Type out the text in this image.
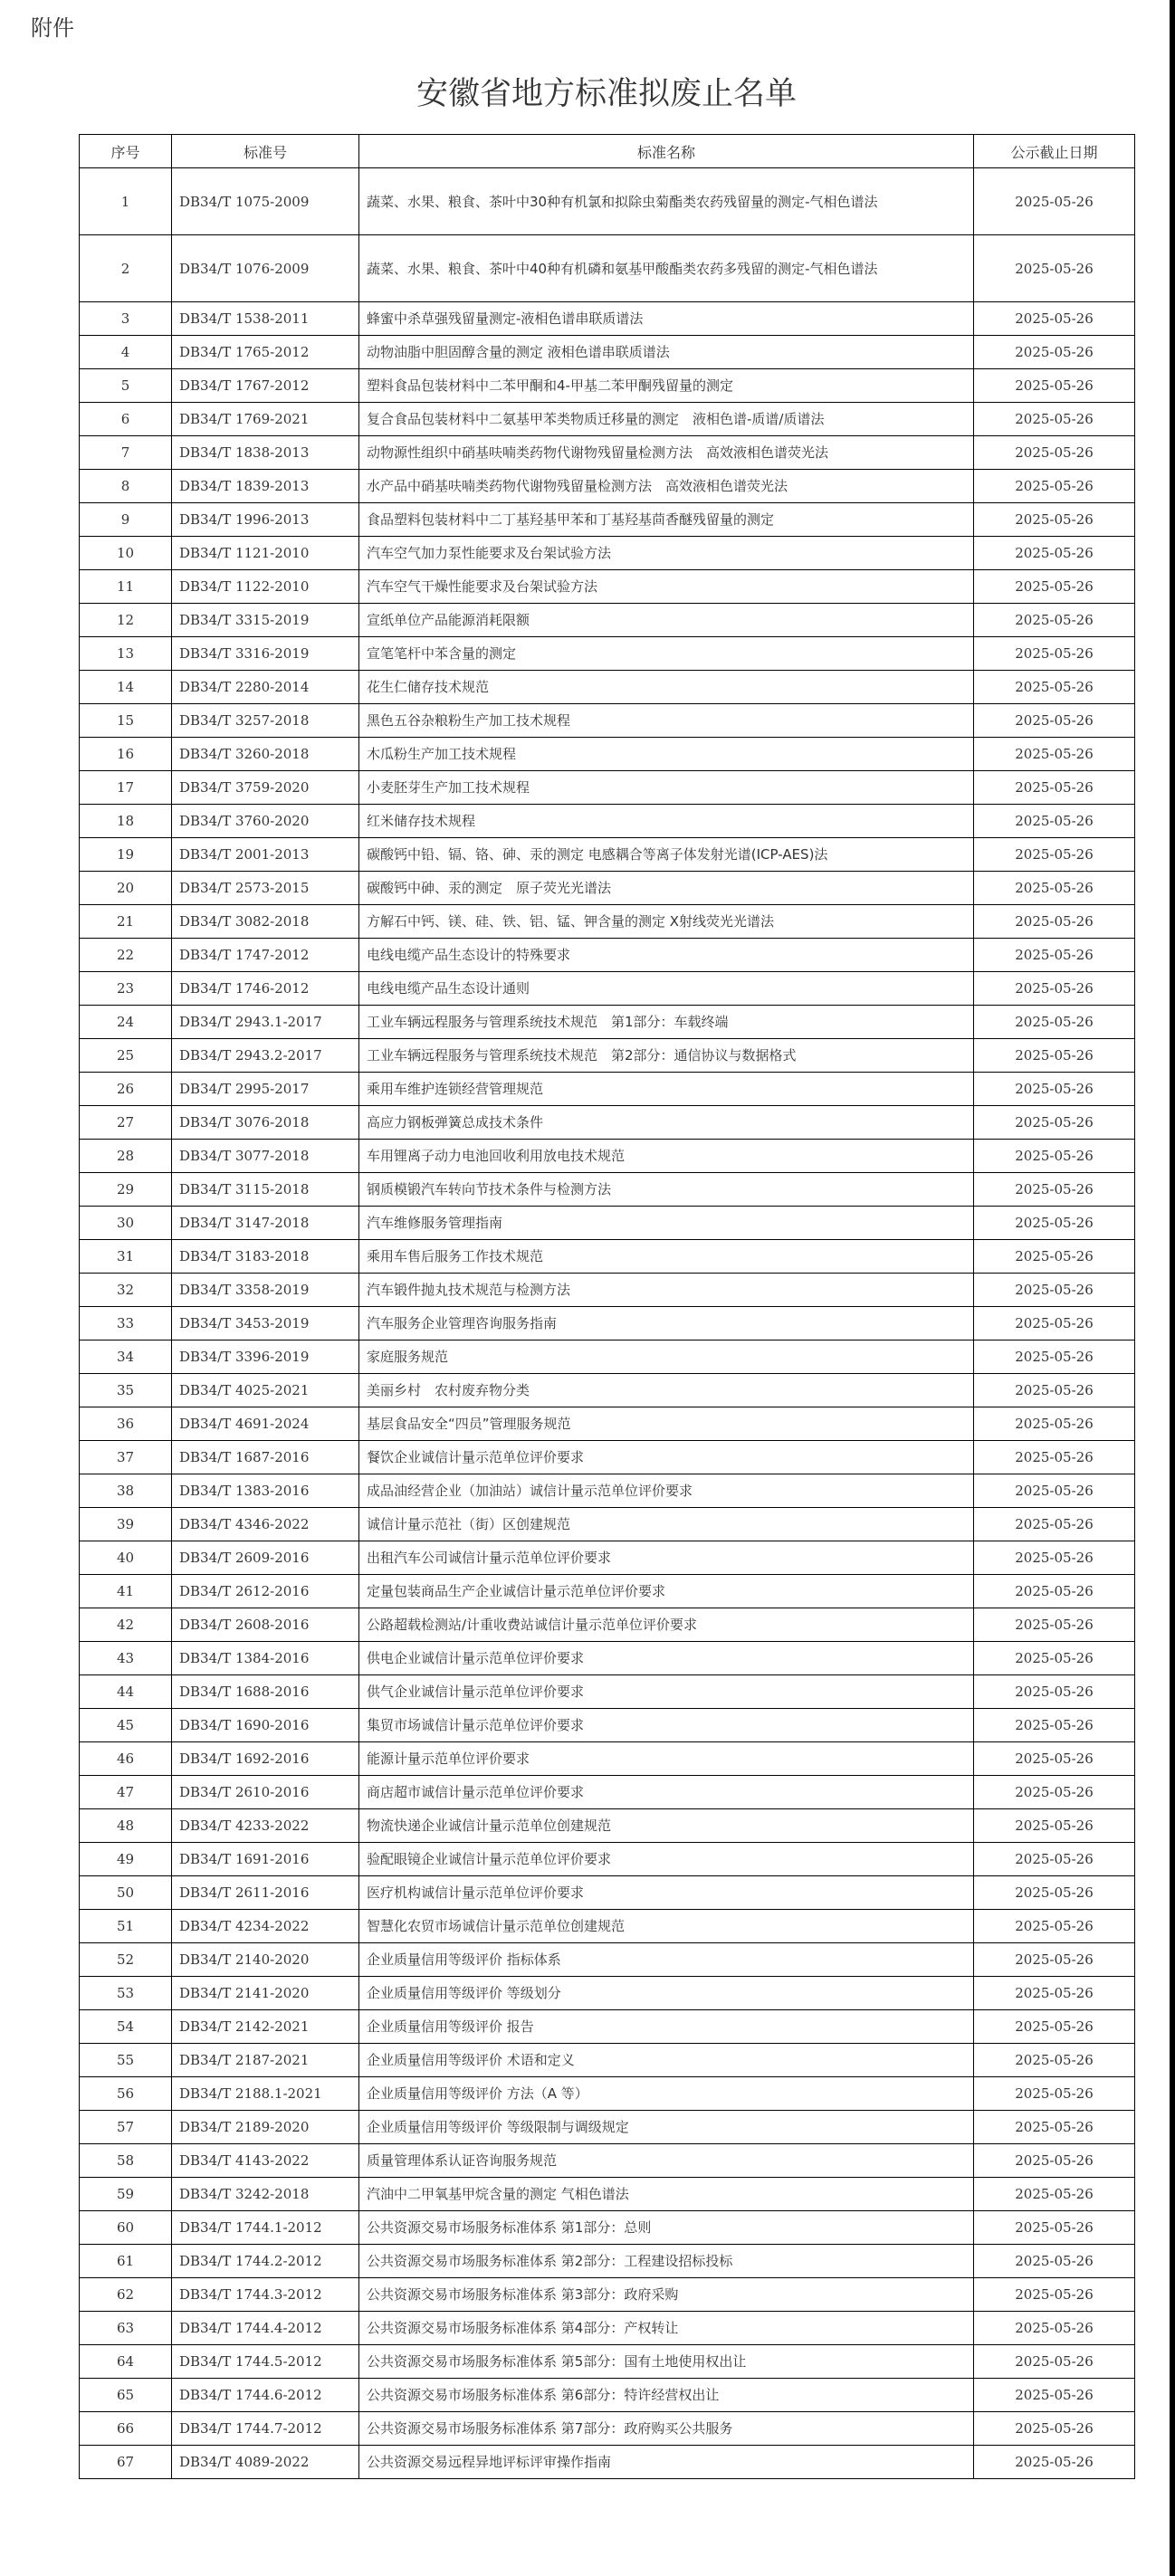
附件
安徽省地方标准拟废止名单
序号	标准号	标准名称	公示截止日期
1	DB34/T 1075-2009	蔬菜、水果、粮食、茶叶中30种有机氯和拟除虫菊酯类农药残留量的测定-气相色谱法	2025-05-26
2	DB34/T 1076-2009	蔬菜、水果、粮食、茶叶中40种有机磷和氨基甲酸酯类农药多残留的测定-气相色谱法	2025-05-26
3	DB34/T 1538-2011	蜂蜜中杀草强残留量测定-液相色谱串联质谱法	2025-05-26
4	DB34/T 1765-2012	动物油脂中胆固醇含量的测定 液相色谱串联质谱法	2025-05-26
5	DB34/T 1767-2012	塑料食品包装材料中二苯甲酮和4-甲基二苯甲酮残留量的测定	2025-05-26
6	DB34/T 1769-2021	复合食品包装材料中二氨基甲苯类物质迁移量的测定　液相色谱-质谱/质谱法	2025-05-26
7	DB34/T 1838-2013	动物源性组织中硝基呋喃类药物代谢物残留量检测方法　高效液相色谱荧光法	2025-05-26
8	DB34/T 1839-2013	水产品中硝基呋喃类药物代谢物残留量检测方法　高效液相色谱荧光法	2025-05-26
9	DB34/T 1996-2013	食品塑料包装材料中二丁基羟基甲苯和丁基羟基茴香醚残留量的测定	2025-05-26
10	DB34/T 1121-2010	汽车空气加力泵性能要求及台架试验方法	2025-05-26
11	DB34/T 1122-2010	汽车空气干燥性能要求及台架试验方法	2025-05-26
12	DB34/T 3315-2019	宣纸单位产品能源消耗限额	2025-05-26
13	DB34/T 3316-2019	宣笔笔杆中苯含量的测定	2025-05-26
14	DB34/T 2280-2014	花生仁储存技术规范	2025-05-26
15	DB34/T 3257-2018	黑色五谷杂粮粉生产加工技术规程	2025-05-26
16	DB34/T 3260-2018	木瓜粉生产加工技术规程	2025-05-26
17	DB34/T 3759-2020	小麦胚芽生产加工技术规程	2025-05-26
18	DB34/T 3760-2020	红米储存技术规程	2025-05-26
19	DB34/T 2001-2013	碳酸钙中铅、镉、铬、砷、汞的测定 电感耦合等离子体发射光谱(ICP-AES)法	2025-05-26
20	DB34/T 2573-2015	碳酸钙中砷、汞的测定　原子荧光光谱法	2025-05-26
21	DB34/T 3082-2018	方解石中钙、镁、硅、铁、铝、锰、钾含量的测定 X射线荧光光谱法	2025-05-26
22	DB34/T 1747-2012	电线电缆产品生态设计的特殊要求	2025-05-26
23	DB34/T 1746-2012	电线电缆产品生态设计通则	2025-05-26
24	DB34/T 2943.1-2017	工业车辆远程服务与管理系统技术规范　第1部分：车载终端	2025-05-26
25	DB34/T 2943.2-2017	工业车辆远程服务与管理系统技术规范　第2部分：通信协议与数据格式	2025-05-26
26	DB34/T 2995-2017	乘用车维护连锁经营管理规范	2025-05-26
27	DB34/T 3076-2018	高应力钢板弹簧总成技术条件	2025-05-26
28	DB34/T 3077-2018	车用锂离子动力电池回收利用放电技术规范	2025-05-26
29	DB34/T 3115-2018	钢质模锻汽车转向节技术条件与检测方法	2025-05-26
30	DB34/T 3147-2018	汽车维修服务管理指南	2025-05-26
31	DB34/T 3183-2018	乘用车售后服务工作技术规范	2025-05-26
32	DB34/T 3358-2019	汽车锻件抛丸技术规范与检测方法	2025-05-26
33	DB34/T 3453-2019	汽车服务企业管理咨询服务指南	2025-05-26
34	DB34/T 3396-2019	家庭服务规范	2025-05-26
35	DB34/T 4025-2021	美丽乡村　农村废弃物分类	2025-05-26
36	DB34/T 4691-2024	基层食品安全“四员”管理服务规范	2025-05-26
37	DB34/T 1687-2016	餐饮企业诚信计量示范单位评价要求	2025-05-26
38	DB34/T 1383-2016	成品油经营企业（加油站）诚信计量示范单位评价要求	2025-05-26
39	DB34/T 4346-2022	诚信计量示范社（街）区创建规范	2025-05-26
40	DB34/T 2609-2016	出租汽车公司诚信计量示范单位评价要求	2025-05-26
41	DB34/T 2612-2016	定量包装商品生产企业诚信计量示范单位评价要求	2025-05-26
42	DB34/T 2608-2016	公路超载检测站/计重收费站诚信计量示范单位评价要求	2025-05-26
43	DB34/T 1384-2016	供电企业诚信计量示范单位评价要求	2025-05-26
44	DB34/T 1688-2016	供气企业诚信计量示范单位评价要求	2025-05-26
45	DB34/T 1690-2016	集贸市场诚信计量示范单位评价要求	2025-05-26
46	DB34/T 1692-2016	能源计量示范单位评价要求	2025-05-26
47	DB34/T 2610-2016	商店超市诚信计量示范单位评价要求	2025-05-26
48	DB34/T 4233-2022	物流快递企业诚信计量示范单位创建规范	2025-05-26
49	DB34/T 1691-2016	验配眼镜企业诚信计量示范单位评价要求	2025-05-26
50	DB34/T 2611-2016	医疗机构诚信计量示范单位评价要求	2025-05-26
51	DB34/T 4234-2022	智慧化农贸市场诚信计量示范单位创建规范	2025-05-26
52	DB34/T 2140-2020	企业质量信用等级评价 指标体系	2025-05-26
53	DB34/T 2141-2020	企业质量信用等级评价 等级划分	2025-05-26
54	DB34/T 2142-2021	企业质量信用等级评价 报告	2025-05-26
55	DB34/T 2187-2021	企业质量信用等级评价 术语和定义	2025-05-26
56	DB34/T 2188.1-2021	企业质量信用等级评价 方法（A 等）	2025-05-26
57	DB34/T 2189-2020	企业质量信用等级评价 等级限制与调级规定	2025-05-26
58	DB34/T 4143-2022	质量管理体系认证咨询服务规范	2025-05-26
59	DB34/T 3242-2018	汽油中二甲氧基甲烷含量的测定 气相色谱法	2025-05-26
60	DB34/T 1744.1-2012	公共资源交易市场服务标准体系 第1部分：总则	2025-05-26
61	DB34/T 1744.2-2012	公共资源交易市场服务标准体系 第2部分：工程建设招标投标	2025-05-26
62	DB34/T 1744.3-2012	公共资源交易市场服务标准体系 第3部分：政府采购	2025-05-26
63	DB34/T 1744.4-2012	公共资源交易市场服务标准体系 第4部分：产权转让	2025-05-26
64	DB34/T 1744.5-2012	公共资源交易市场服务标准体系 第5部分：国有土地使用权出让	2025-05-26
65	DB34/T 1744.6-2012	公共资源交易市场服务标准体系 第6部分：特许经营权出让	2025-05-26
66	DB34/T 1744.7-2012	公共资源交易市场服务标准体系 第7部分：政府购买公共服务	2025-05-26
67	DB34/T 4089-2022	公共资源交易远程异地评标评审操作指南	2025-05-26
